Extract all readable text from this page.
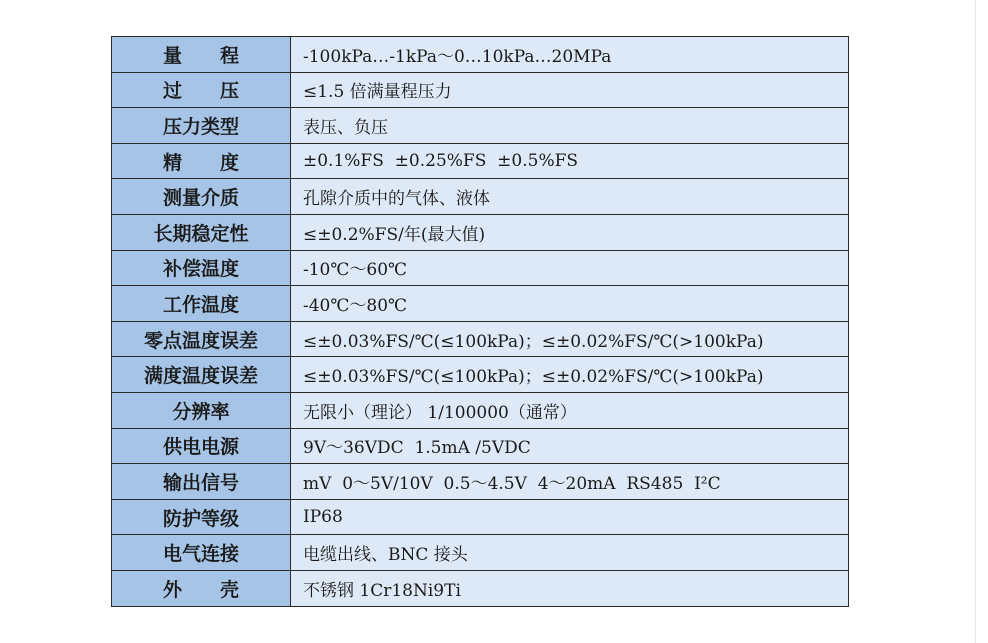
量　　程	-100kPa…-1kPa～0…10kPa…20MPa
过　　压	≤1.5 倍满量程压力
压力类型	表压、负压
精　　度	±0.1%FS  ±0.25%FS  ±0.5%FS
测量介质	孔隙介质中的气体、液体
长期稳定性	≤±0.2%FS/年(最大值)
补偿温度	-10℃～60℃
工作温度	-40℃～80℃
零点温度误差	≤±0.03%FS/℃(≤100kPa)；≤±0.02%FS/℃(>100kPa)
满度温度误差	≤±0.03%FS/℃(≤100kPa)；≤±0.02%FS/℃(>100kPa)
分辨率	无限小（理论） 1/100000（通常）
供电电源	9V～36VDC  1.5mA /5VDC
输出信号	mV  0～5V/10V  0.5～4.5V  4～20mA  RS485  I²C
防护等级	IP68
电气连接	电缆出线、BNC 接头
外　　壳	不锈钢 1Cr18Ni9Ti
